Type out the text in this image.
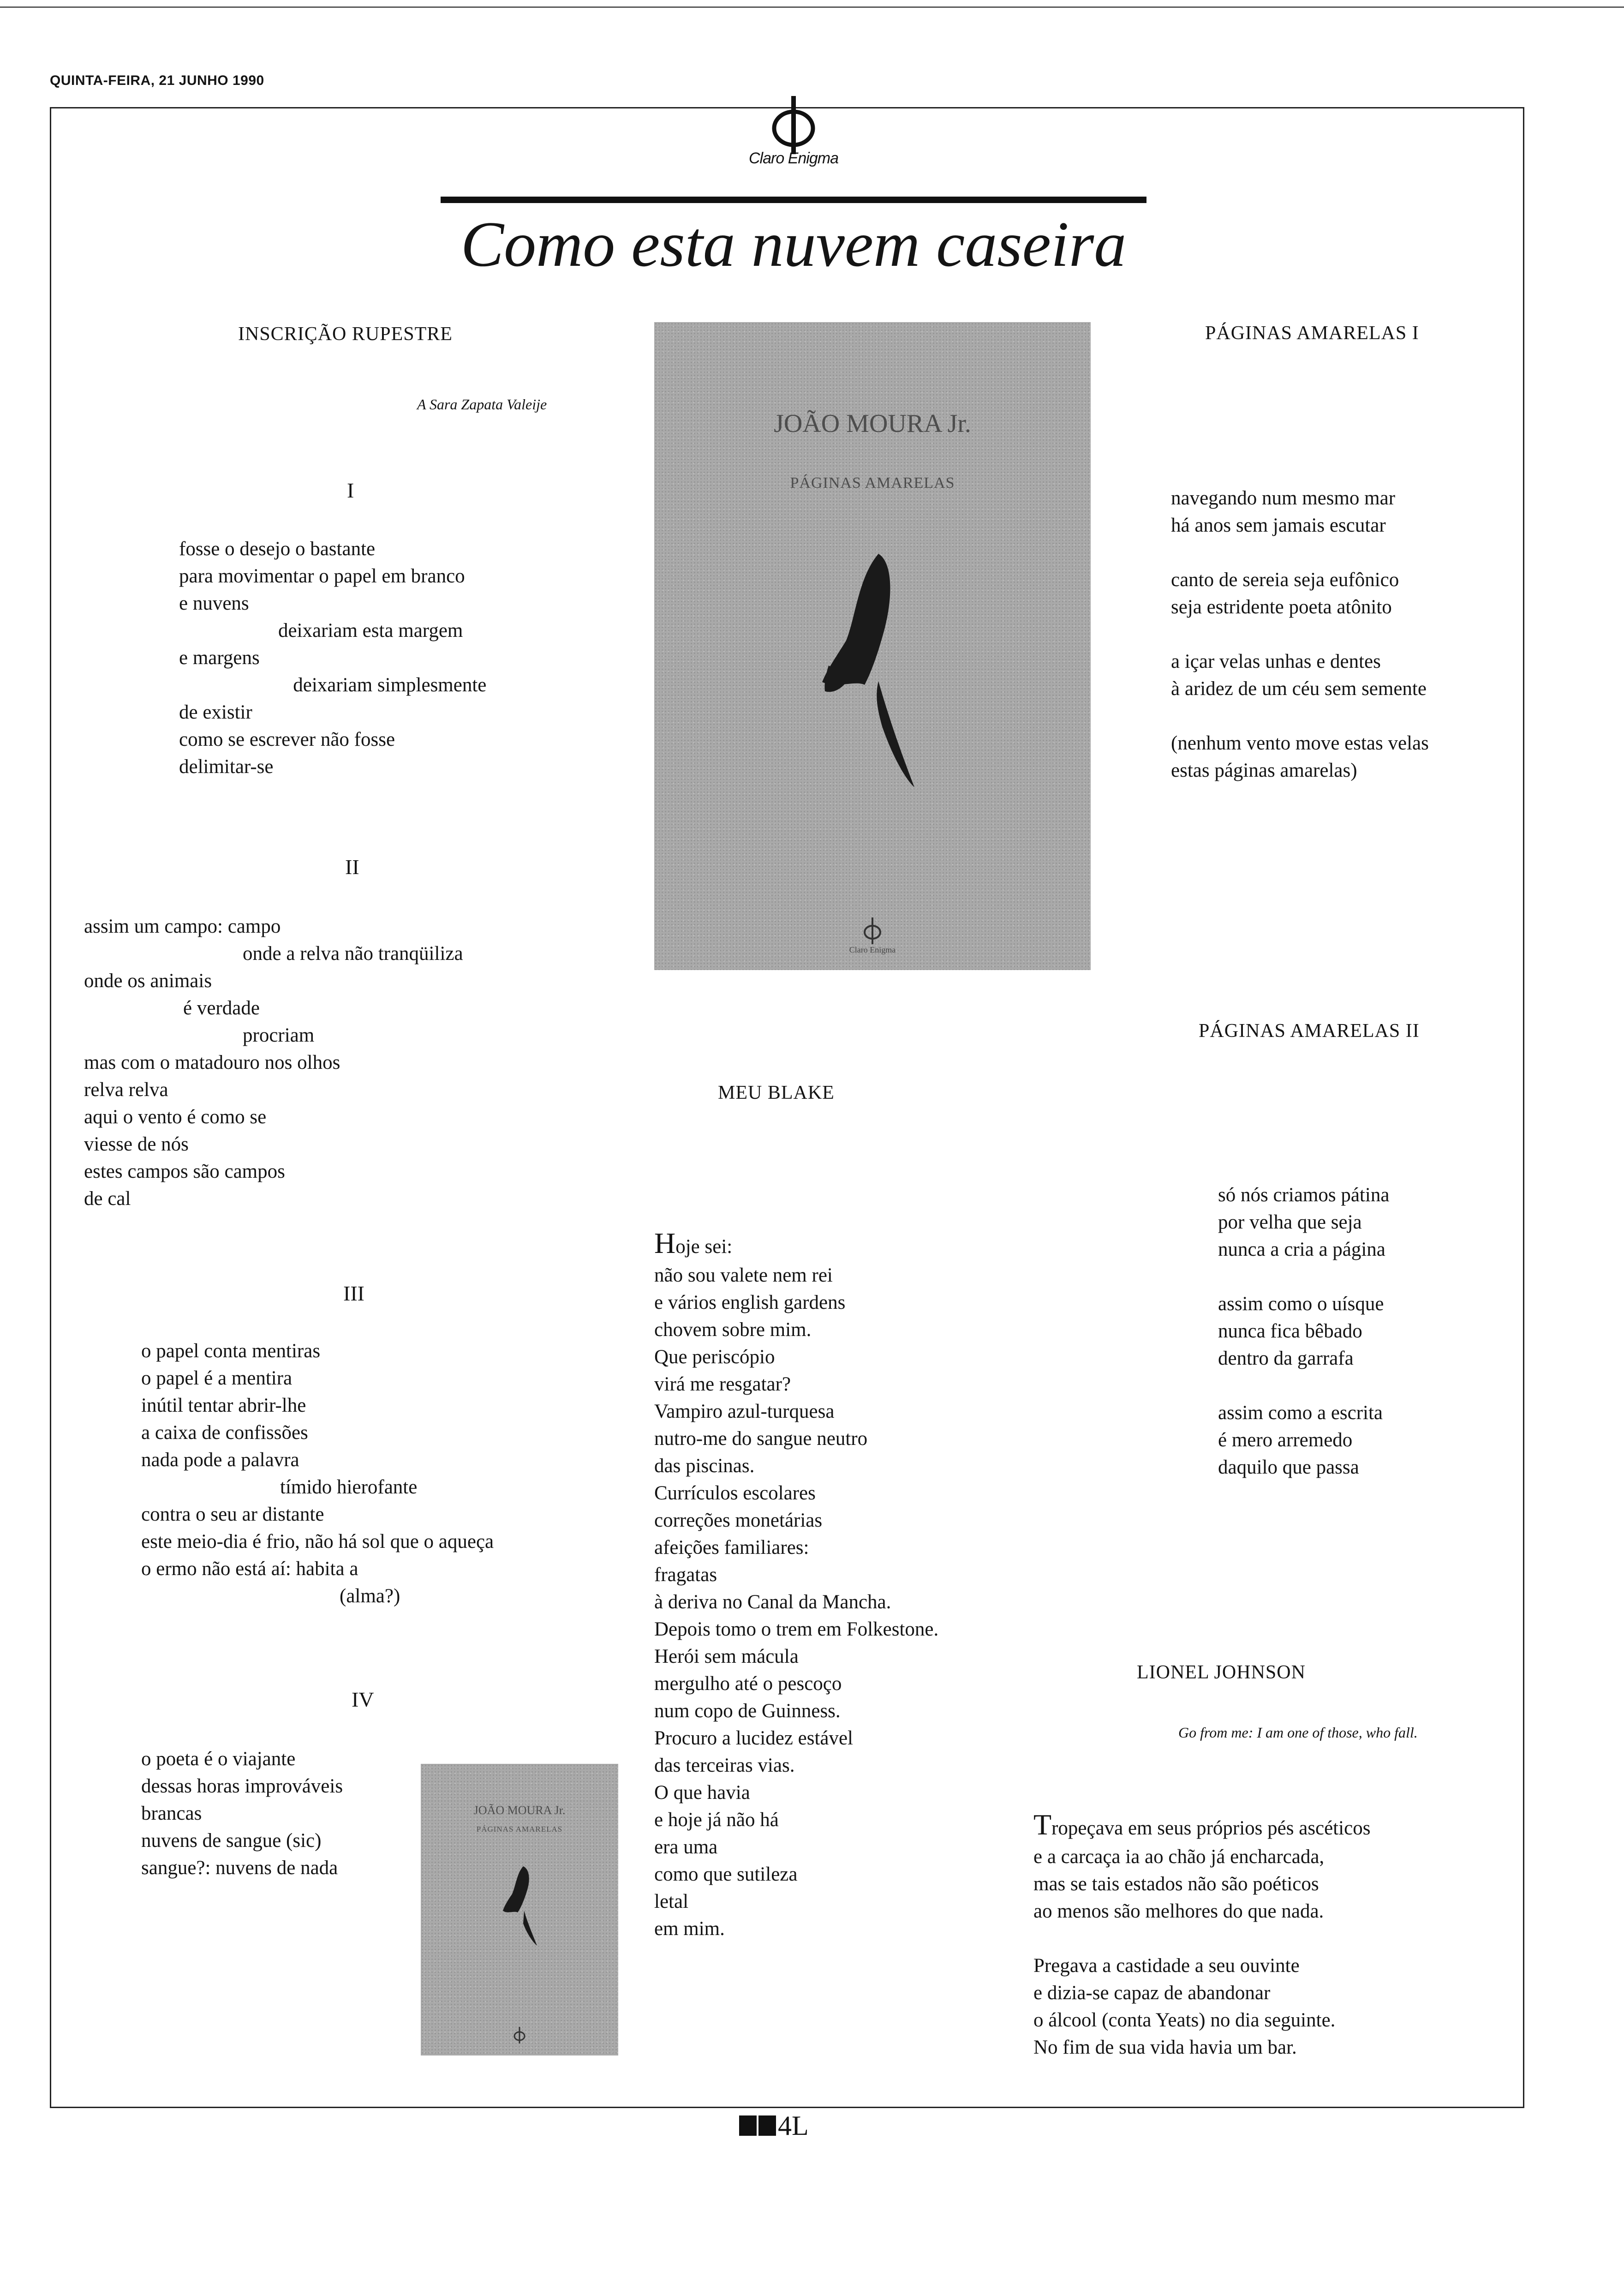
QUINTA-FEIRA, 21 JUNHO 1990
Claro Enigma
Como esta nuvem caseira
INSCRIÇÃO RUPESTRE
A Sara Zapata Valeije
I
fosse o desejo o bastante
para movimentar o papel em branco
e nuvens
deixariam esta margem
e margens
deixariam simplesmente
de existir
como se escrever não fosse
delimitar-se
II
assim um campo: campo
onde a relva não tranqüiliza
onde os animais
é verdade
procriam
mas com o matadouro nos olhos
relva relva
aqui o vento é como se
viesse de nós
estes campos são campos
de cal
III
o papel conta mentiras
o papel é a mentira
inútil tentar abrir-lhe
a caixa de confissões
nada pode a palavra
tímido hierofante
contra o seu ar distante
este meio-dia é frio, não há sol que o aqueça
o ermo não está aí: habita a
(alma?)
IV
o poeta é o viajante
dessas horas improváveis
brancas
nuvens de sangue (sic)
sangue?: nuvens de nada
JOÃO MOURA Jr.
PÁGINAS AMARELAS
JOÃO MOURA Jr.
PÁGINAS AMARELAS
Claro Enigma
MEU BLAKE
Hoje sei:
não sou valete nem rei
e vários english gardens
chovem sobre mim.
Que periscópio
virá me resgatar?
Vampiro azul-turquesa
nutro-me do sangue neutro
das piscinas.
Currículos escolares
correções monetárias
afeições familiares:
fragatas
à deriva no Canal da Mancha.
Depois tomo o trem em Folkestone.
Herói sem mácula
mergulho até o pescoço
num copo de Guinness.
Procuro a lucidez estável
das terceiras vias.
O que havia
e hoje já não há
era uma
como que sutileza
letal
em mim.
PÁGINAS AMARELAS I
navegando num mesmo mar
há anos sem jamais escutar

canto de sereia seja eufônico
seja estridente poeta atônito

a içar velas unhas e dentes
à aridez de um céu sem semente

(nenhum vento move estas velas
estas páginas amarelas)
PÁGINAS AMARELAS II
só nós criamos pátina
por velha que seja
nunca a cria a página

assim como o uísque
nunca fica bêbado
dentro da garrafa

assim como a escrita
é mero arremedo
daquilo que passa
LIONEL JOHNSON
Go from me: I am one of those, who fall.
Tropeçava em seus próprios pés ascéticos
e a carcaça ia ao chão já encharcada,
mas se tais estados não são poéticos
ao menos são melhores do que nada.

Pregava a castidade a seu ouvinte
e dizia-se capaz de abandonar
o álcool (conta Yeats) no dia seguinte.
No fim de sua vida havia um bar.
4L
